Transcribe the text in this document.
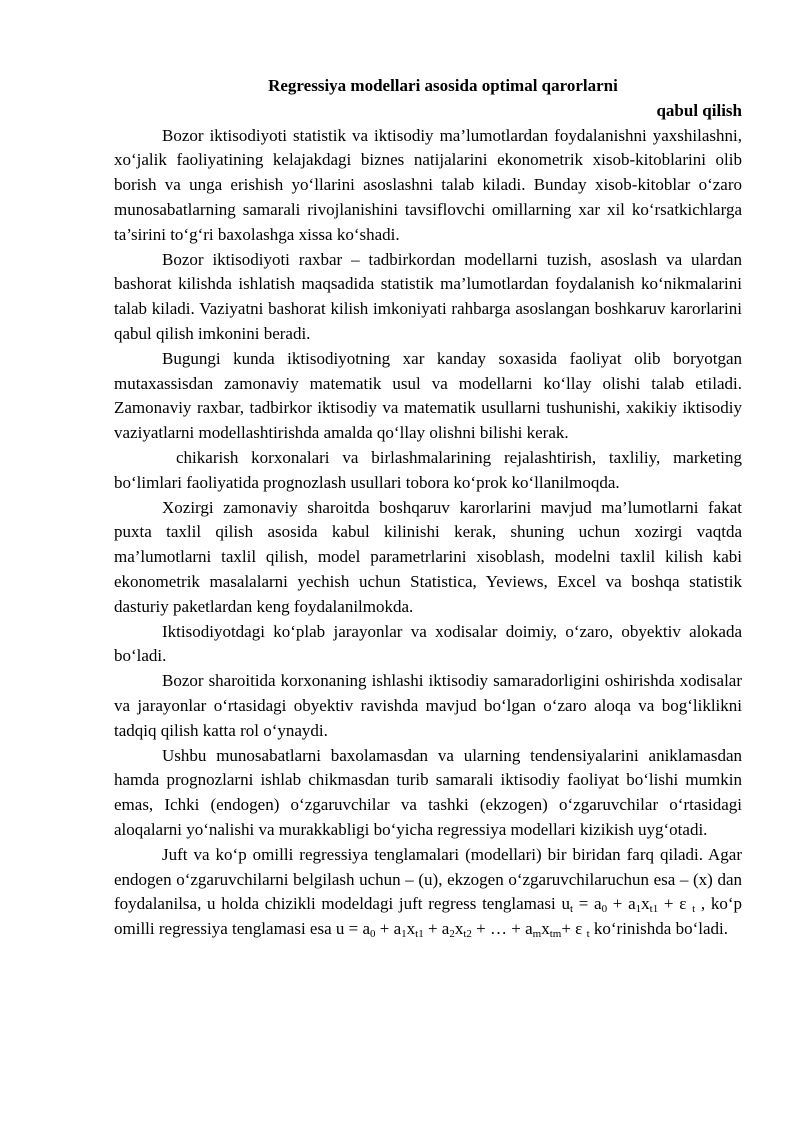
Regressiya modellari asosida optimal qarorlarni
qabul qilish

Bozor iktisodiyoti statistik va iktisodiy ma’lumotlardan foydalanishni yaxshilashni, xo‘jalik faoliyatining kelajakdagi biznes natijalarini ekonometrik xisob-kitoblarini olib borish va unga erishish yo‘llarini asoslashni talab kiladi. Bunday xisob-kitoblar o‘zaro munosabatlarning samarali rivojlanishini tavsiflovchi omillarning xar xil ko‘rsatkichlarga ta’sirini to‘g‘ri baxolashga xissa ko‘shadi.

Bozor iktisodiyoti raxbar – tadbirkordan modellarni tuzish, asoslash va ulardan bashorat kilishda ishlatish maqsadida statistik ma’lumotlardan foydalanish ko‘nikmalarini talab kiladi. Vaziyatni bashorat kilish imkoniyati rahbarga asoslangan boshkaruv karorlarini qabul qilish imkonini beradi.

Bugungi kunda iktisodiyotning xar kanday soxasida faoliyat olib boryotgan mutaxassisdan zamonaviy matematik usul va modellarni ko‘llay olishi talab etiladi. Zamonaviy raxbar, tadbirkor iktisodiy va matematik usullarni tushunishi, xakikiy iktisodiy vaziyatlarni modellashtirishda amalda qo‘llay olishni bilishi kerak.

chikarish korxonalari va birlashmalarining rejalashtirish, taxliliy, marketing bo‘limlari faoliyatida prognozlash usullari tobora ko‘prok ko‘llanilmoqda.

Xozirgi zamonaviy sharoitda boshqaruv karorlarini mavjud ma’lumotlarni fakat puxta taxlil qilish asosida kabul kilinishi kerak, shuning uchun xozirgi vaqtda ma’lumotlarni taxlil qilish, model parametrlarini xisoblash, modelni taxlil kilish kabi ekonometrik masalalarni yechish uchun Statistica, Yeviews, Excel va boshqa statistik dasturiy paketlardan keng foydalanilmokda.

Iktisodiyotdagi ko‘plab jarayonlar va xodisalar doimiy, o‘zaro, obyektiv alokada bo‘ladi.

Bozor sharoitida korxonaning ishlashi iktisodiy samaradorligini oshirishda xodisalar va jarayonlar o‘rtasidagi obyektiv ravishda mavjud bo‘lgan o‘zaro aloqa va bog‘liklikni tadqiq qilish katta rol o‘ynaydi.

Ushbu munosabatlarni baxolamasdan va ularning tendensiyalarini aniklamasdan hamda prognozlarni ishlab chikmasdan turib samarali iktisodiy faoliyat bo‘lishi mumkin emas, Ichki (endogen) o‘zgaruvchilar va tashki (ekzogen) o‘zgaruvchilar o‘rtasidagi aloqalarni yo‘nalishi va murakkabligi bo‘yicha regressiya modellari kizikish uyg‘otadi.

Juft va ko‘p omilli regressiya tenglamalari (modellari) bir biridan farq qiladi. Agar endogen o‘zgaruvchilarni belgilash uchun – (u), ekzogen o‘zgaruvchilaruchun esa – (x) dan foydalanilsa, u holda chizikli modeldagi juft regress tenglamasi $u_t = a_0 + a_1x_{t1} + \varepsilon$ $_t$ , ko‘p omilli regressiya tenglamasi esa $u = a_0 + a_1x_{t1} + a_2x_{t2}$ + … + $a_mx_{tm}+ \varepsilon$ $_t$ ko‘rinishda bo‘ladi.
